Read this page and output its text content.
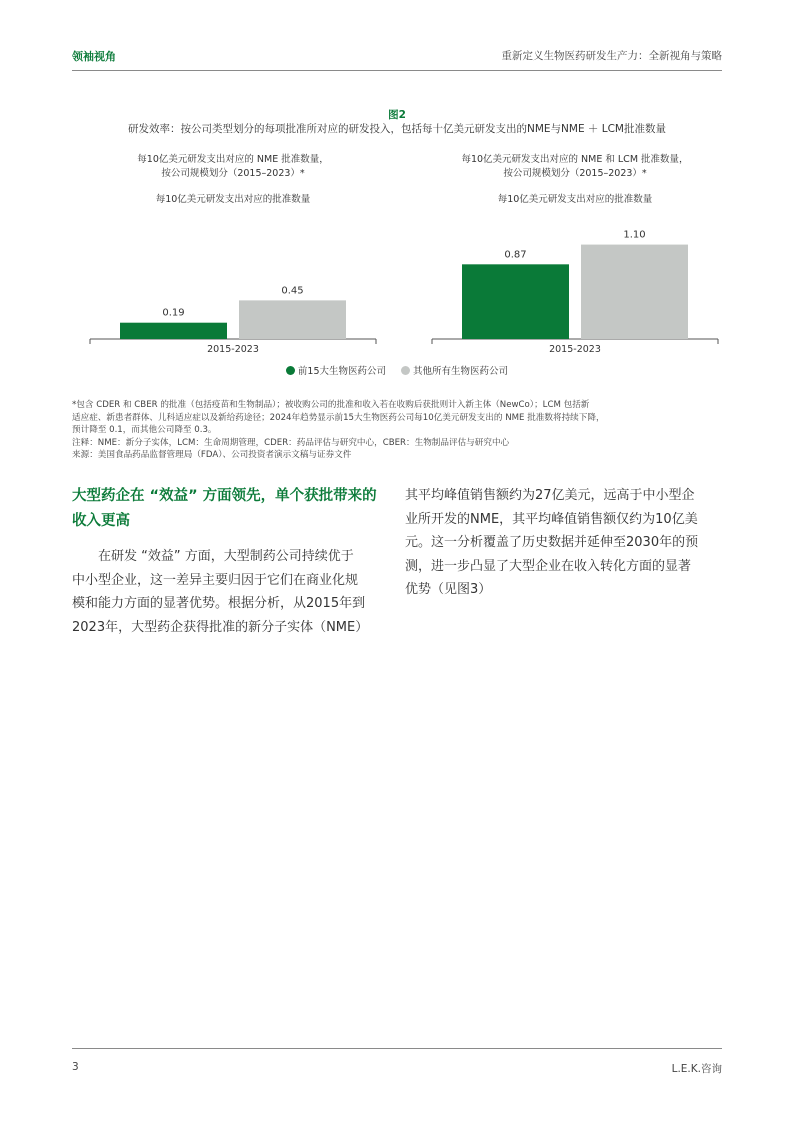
领袖视角	重新定义生物医药研发生产力：全新视角与策略
图2
研发效率：按公司类型划分的每项批准所对应的研发投入，包括每十亿美元研发支出的NME与NME ＋ LCM批准数量
每10亿美元研发支出对应的 NME 批准数量，
按公司规模划分（2015–2023）*
每10亿美元研发支出对应的批准数量
0.19
0.45
2015-2023
每10亿美元研发支出对应的 NME 和 LCM 批准数量，
按公司规模划分（2015–2023）*
每10亿美元研发支出对应的批准数量
0.87
1.10
2015-2023
前15大生物医药公司	其他所有生物医药公司
*包含 CDER 和 CBER 的批准（包括疫苗和生物制品）；被收购公司的批准和收入若在收购后获批则计入新主体（NewCo）；LCM 包括新
适应症、新患者群体、儿科适应症以及新给药途径；2024年趋势显示前15大生物医药公司每10亿美元研发支出的 NME 批准数将持续下降，
预计降至 0.1，而其他公司降至 0.3。
注释：NME：新分子实体，LCM：生命周期管理，CDER：药品评估与研究中心，CBER：生物制品评估与研究中心
来源：美国食品药品监督管理局（FDA）、公司投资者演示文稿与证券文件
大型药企在 “效益” 方面领先，单个获批带来的
收入更高
　　在研发 “效益” 方面，大型制药公司持续优于
中小型企业，这一差异主要归因于它们在商业化规
模和能力方面的显著优势。根据分析，从2015年到
2023年，大型药企获得批准的新分子实体（NME）
其平均峰值销售额约为27亿美元，远高于中小型企
业所开发的NME，其平均峰值销售额仅约为10亿美
元。这一分析覆盖了历史数据并延伸至2030年的预
测，进一步凸显了大型企业在收入转化方面的显著
优势（见图3）
3	L.E.K.咨询
